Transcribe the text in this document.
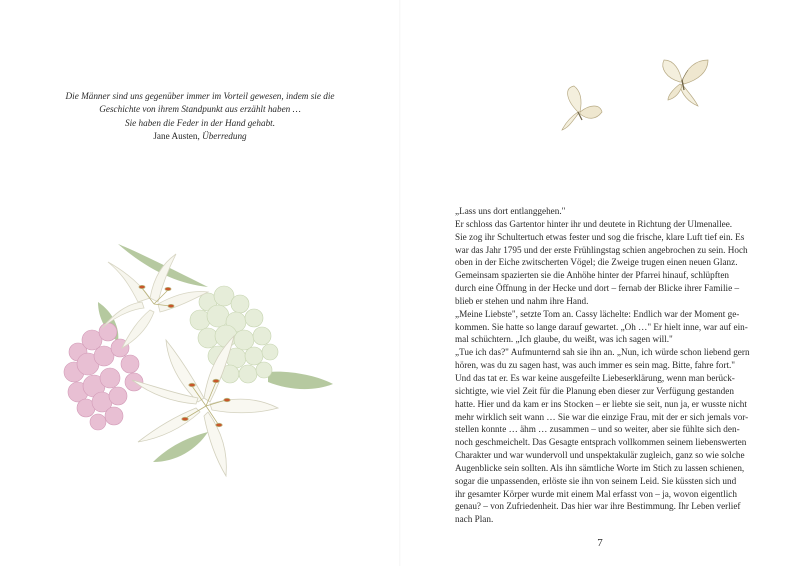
Die Männer sind uns gegenüber immer im Vorteil gewesen, indem sie die
Geschichte von ihrem Standpunkt aus erzählt haben …
Sie haben die Feder in der Hand gehabt.
Jane Austen, Überredung

„Lass uns dort entlanggehen."

Er schloss das Gartentor hinter ihr und deutete in Richtung der Ulmenallee.

Sie zog ihr Schultertuch etwas fester und sog die frische, klare Luft tief ein. Es

war das Jahr 1795 und der erste Frühlingstag schien angebrochen zu sein. Hoch

oben in der Eiche zwitscherten Vögel; die Zweige trugen einen neuen Glanz.

Gemeinsam spazierten sie die Anhöhe hinter der Pfarrei hinauf, schlüpften

durch eine Öffnung in der Hecke und dort – fernab der Blicke ihrer Familie –

blieb er stehen und nahm ihre Hand.

„Meine Liebste", setzte Tom an. Cassy lächelte: Endlich war der Moment ge-

kommen. Sie hatte so lange darauf gewartet. „Oh …" Er hielt inne, war auf ein-

mal schüchtern. „Ich glaube, du weißt, was ich sagen will."

„Tue ich das?" Aufmunternd sah sie ihn an. „Nun, ich würde schon liebend gern

hören, was du zu sagen hast, was auch immer es sein mag. Bitte, fahre fort."

Und das tat er. Es war keine ausgefeilte Liebeserklärung, wenn man berück-

sichtigte, wie viel Zeit für die Planung eben dieser zur Verfügung gestanden

hatte. Hier und da kam er ins Stocken – er liebte sie seit, nun ja, er wusste nicht

mehr wirklich seit wann … Sie war die einzige Frau, mit der er sich jemals vor-

stellen konnte … ähm … zusammen – und so weiter, aber sie fühlte sich den-

noch geschmeichelt. Das Gesagte entsprach vollkommen seinem liebenswerten

Charakter und war wundervoll und unspektakulär zugleich, ganz so wie solche

Augenblicke sein sollten. Als ihn sämtliche Worte im Stich zu lassen schienen,

sogar die unpassenden, erlöste sie ihn von seinem Leid. Sie küssten sich und

ihr gesamter Körper wurde mit einem Mal erfasst von – ja, wovon eigentlich

genau? – von Zufriedenheit. Das hier war ihre Bestimmung. Ihr Leben verlief

nach Plan.

7
